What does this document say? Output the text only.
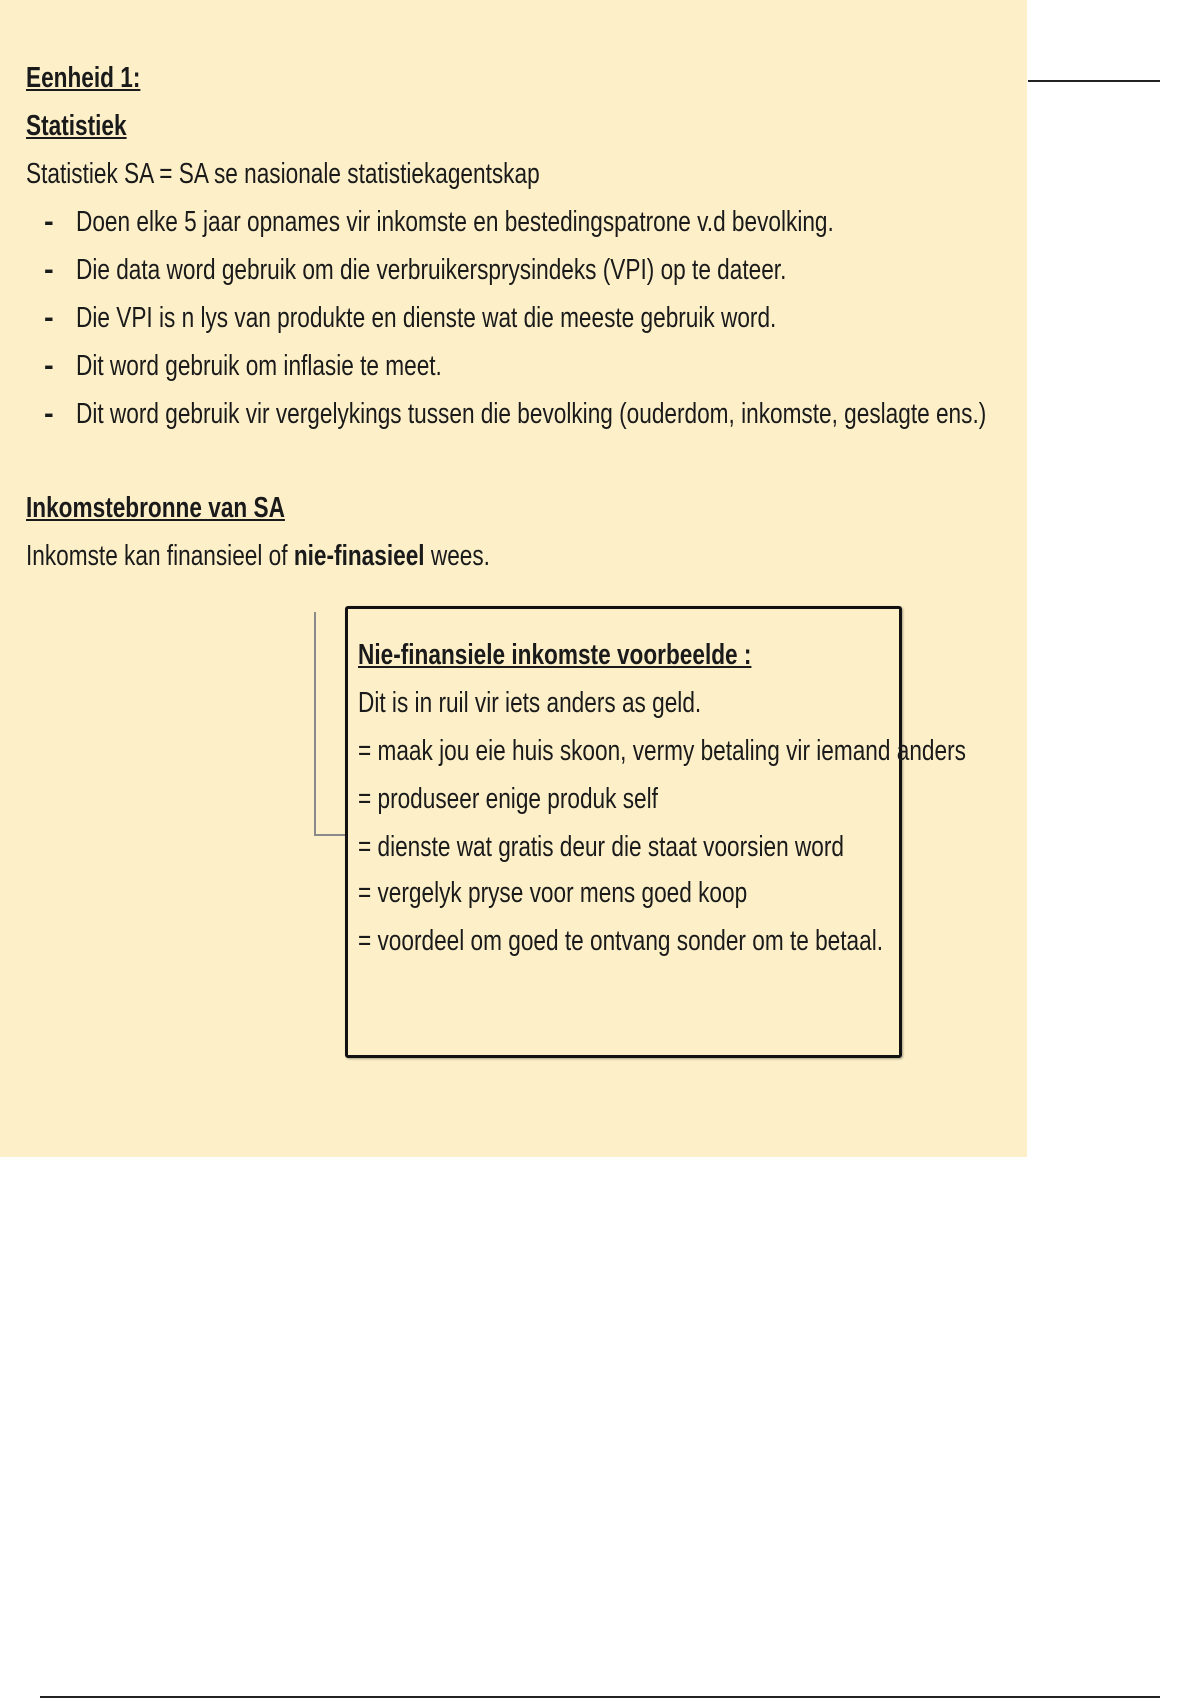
Eenheid 1:
Statistiek
Statistiek SA = SA se nasionale statistiekagentskap
- Doen elke 5 jaar opnames vir inkomste en bestedingspatrone v.d bevolking.
- Die data word gebruik om die verbruikersprysindeks (VPI) op te dateer.
- Die VPI is n lys van produkte en dienste wat die meeste gebruik word.
- Dit word gebruik om inflasie te meet.
- Dit word gebruik vir vergelykings tussen die bevolking (ouderdom, inkomste, geslagte ens.)
Inkomstebronne van SA
Inkomste kan finansieel of nie-finasieel wees.
Nie-finansiele inkomste voorbeelde :
Dit is in ruil vir iets anders as geld.
= maak jou eie huis skoon, vermy betaling vir iemand anders
= produseer enige produk self
= dienste wat gratis deur die staat voorsien word
= vergelyk pryse voor mens goed koop
= voordeel om goed te ontvang sonder om te betaal.
